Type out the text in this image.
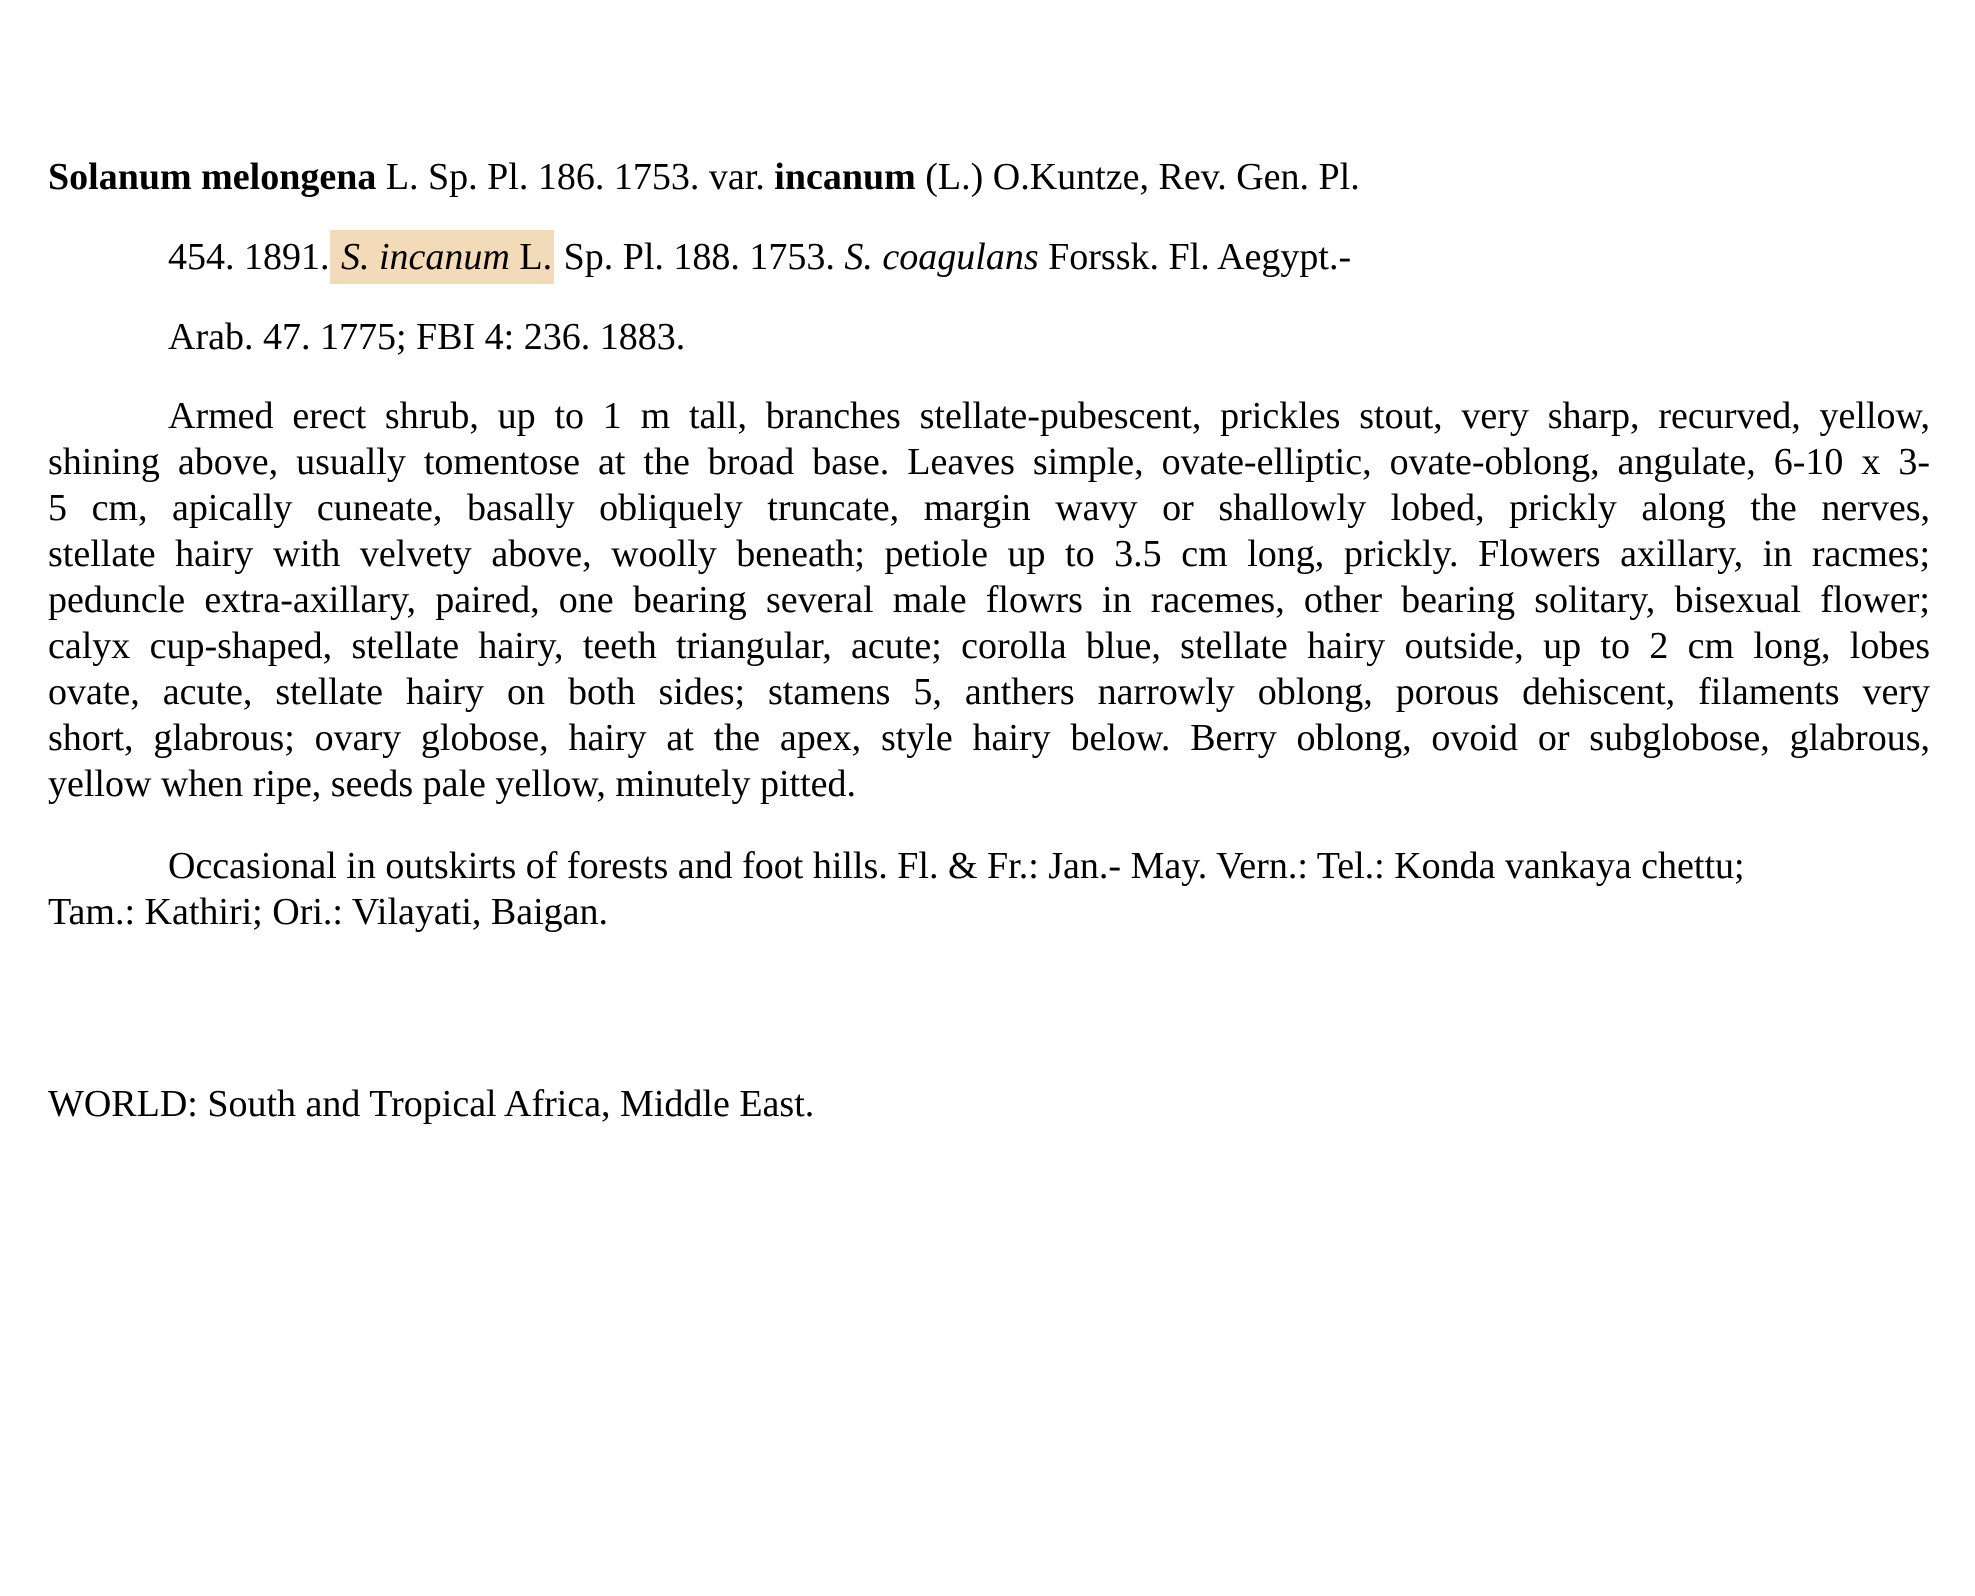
Solanum melongena L. Sp. Pl. 186. 1753. var. incanum (L.) O.Kuntze, Rev. Gen. Pl.
454. 1891. S. incanum L. Sp. Pl. 188. 1753. S. coagulans Forssk. Fl. Aegypt.-
Arab. 47. 1775; FBI 4: 236. 1883.
Armed erect shrub, up to 1 m tall, branches stellate-pubescent, prickles stout, very sharp, recurved, yellow,
shining above, usually tomentose at the broad base. Leaves simple, ovate-elliptic, ovate-oblong, angulate, 6-10 x 3-
5 cm, apically cuneate, basally obliquely truncate, margin wavy or shallowly lobed, prickly along the nerves,
stellate hairy with velvety above, woolly beneath; petiole up to 3.5 cm long, prickly. Flowers axillary, in racmes;
peduncle extra-axillary, paired, one bearing several male flowrs in racemes, other bearing solitary, bisexual flower;
calyx cup-shaped, stellate hairy, teeth triangular, acute; corolla blue, stellate hairy outside, up to 2 cm long, lobes
ovate, acute, stellate hairy on both sides; stamens 5, anthers narrowly oblong, porous dehiscent, filaments very
short, glabrous; ovary globose, hairy at the apex, style hairy below. Berry oblong, ovoid or subglobose, glabrous,
yellow when ripe, seeds pale yellow, minutely pitted.
Occasional in outskirts of forests and foot hills. Fl. & Fr.: Jan.- May. Vern.: Tel.: Konda vankaya chettu;
Tam.: Kathiri; Ori.: Vilayati, Baigan.
WORLD: South and Tropical Africa, Middle East.
